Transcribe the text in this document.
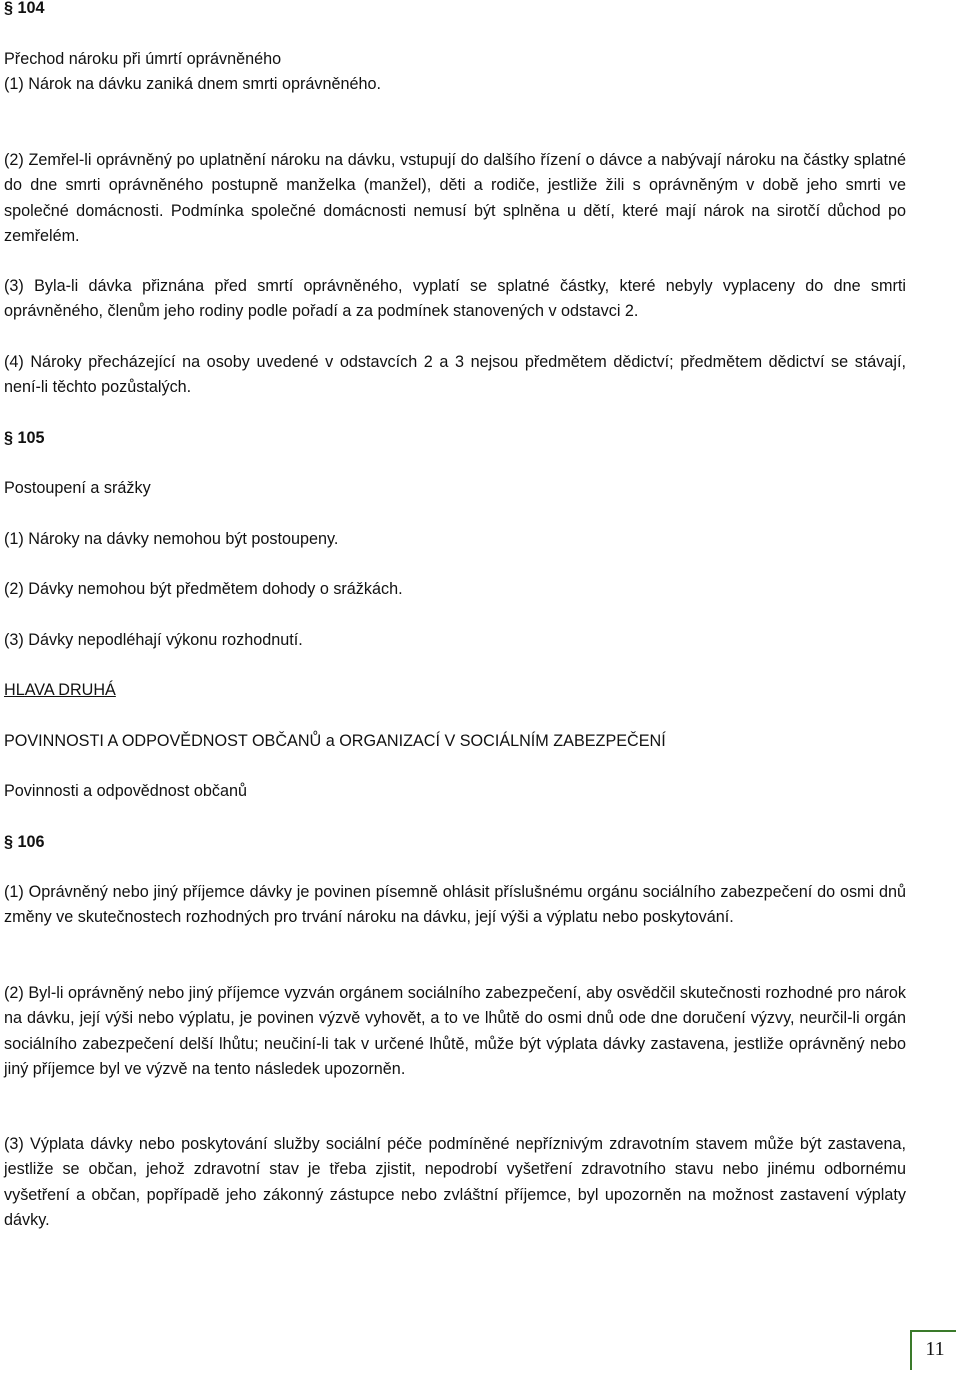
§ 104
Přechod nároku při úmrtí oprávněného
(1) Nárok na dávku zaniká dnem smrti oprávněného.
(2) Zemřel-li oprávněný po uplatnění nároku na dávku, vstupují do dalšího řízení o dávce a nabývají nároku na částky splatné do dne smrti oprávněného postupně manželka (manžel), děti a rodiče, jestliže žili s oprávněným v době jeho smrti ve společné domácnosti. Podmínka společné domácnosti nemusí být splněna u dětí, které mají nárok na sirotčí důchod po zemřelém.
(3) Byla-li dávka přiznána před smrtí oprávněného, vyplatí se splatné částky, které nebyly vyplaceny do dne smrti oprávněného, členům jeho rodiny podle pořadí a za podmínek stanovených v odstavci 2.
(4) Nároky přecházející na osoby uvedené v odstavcích 2 a 3 nejsou předmětem dědictví; předmětem dědictví se stávají, není-li těchto pozůstalých.
§ 105
Postoupení a srážky
(1) Nároky na dávky nemohou být postoupeny.
(2) Dávky nemohou být předmětem dohody o srážkách.
(3) Dávky nepodléhají výkonu rozhodnutí.
HLAVA DRUHÁ
POVINNOSTI A ODPOVĚDNOST OBČANŮ a ORGANIZACÍ V SOCIÁLNÍM ZABEZPEČENÍ
Povinnosti a odpovědnost občanů
§ 106
(1) Oprávněný nebo jiný příjemce dávky je povinen písemně ohlásit příslušnému orgánu sociálního zabezpečení do osmi dnů změny ve skutečnostech rozhodných pro trvání nároku na dávku, její výši a výplatu nebo poskytování.
(2) Byl-li oprávněný nebo jiný příjemce vyzván orgánem sociálního zabezpečení, aby osvědčil skutečnosti rozhodné pro nárok na dávku, její výši nebo výplatu, je povinen výzvě vyhovět, a to ve lhůtě do osmi dnů ode dne doručení výzvy, neurčil-li orgán sociálního zabezpečení delší lhůtu; neučiní-li tak v určené lhůtě, může být výplata dávky zastavena, jestliže oprávněný nebo jiný příjemce byl ve výzvě na tento následek upozorněn.
(3) Výplata dávky nebo poskytování služby sociální péče podmíněné nepříznivým zdravotním stavem může být zastavena, jestliže se občan, jehož zdravotní stav je třeba zjistit, nepodrobí vyšetření zdravotního stavu nebo jinému odbornému vyšetření a občan, popřípadě jeho zákonný zástupce nebo zvláštní příjemce, byl upozorněn na možnost zastavení výplaty dávky.
11
